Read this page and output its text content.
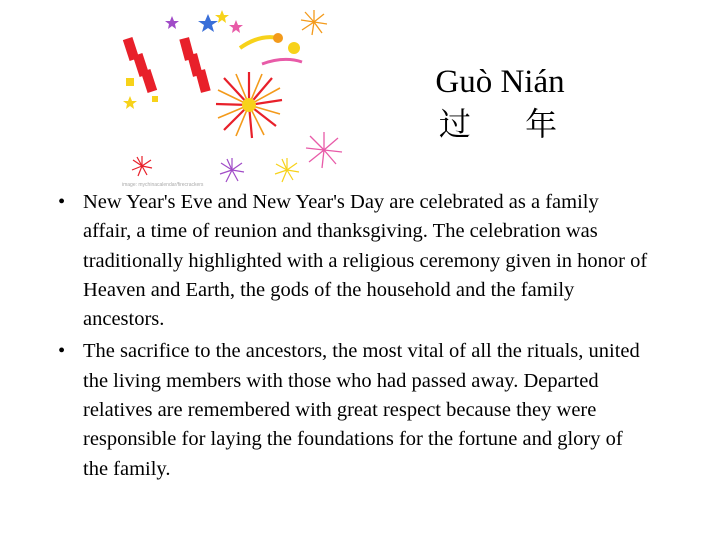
image: mychinacalendar/firecrackers
Guò Nián
过 年
• New Year's Eve and New Year's Day are celebrated as a family affair, a time of reunion and thanksgiving. The celebration was traditionally highlighted with a religious ceremony given in honor of Heaven and Earth, the gods of the household and the family ancestors.
• The sacrifice to the ancestors, the most vital of all the rituals, united the living members with those who had passed away. Departed relatives are remembered with great respect because they were responsible for laying the foundations for the fortune and glory of the family.
